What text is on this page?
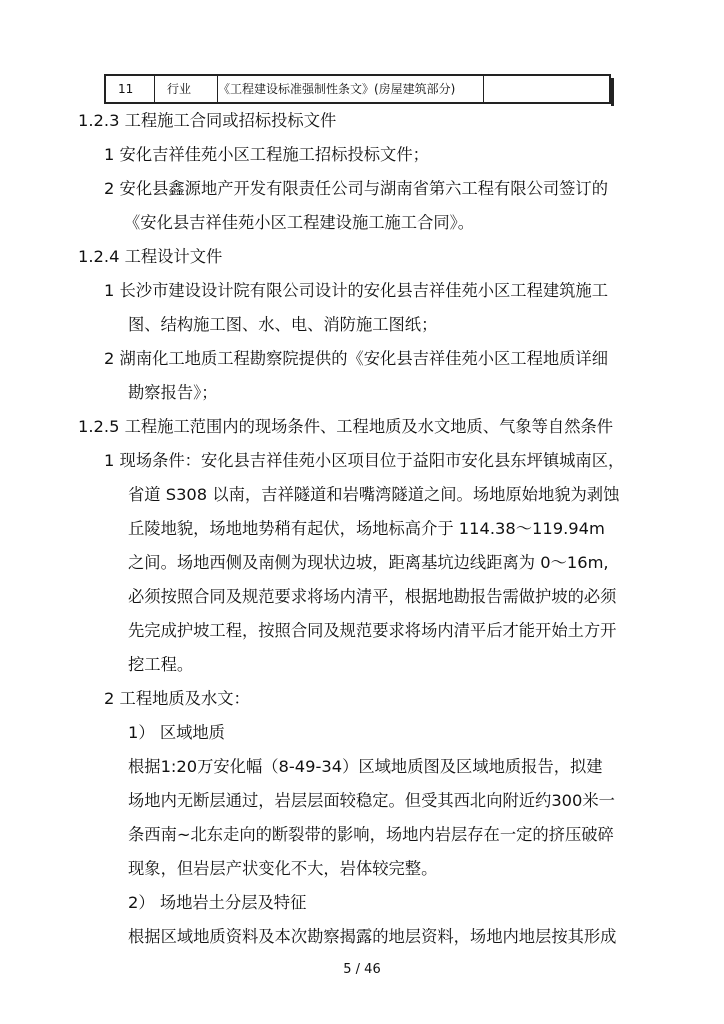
11	行业	《工程建设标准强制性条文》(房屋建筑部分)
1.2.3 工程施工合同或招标投标文件
1 安化吉祥佳苑小区工程施工招标投标文件；
2 安化县鑫源地产开发有限责任公司与湖南省第六工程有限公司签订的
《安化县吉祥佳苑小区工程建设施工施工合同》。
1.2.4 工程设计文件
1 长沙市建设设计院有限公司设计的安化县吉祥佳苑小区工程建筑施工
图、结构施工图、水、电、消防施工图纸；
2 湖南化工地质工程勘察院提供的《安化县吉祥佳苑小区工程地质详细
勘察报告》；
1.2.5 工程施工范围内的现场条件、工程地质及水文地质、气象等自然条件
1 现场条件：安化县吉祥佳苑小区项目位于益阳市安化县东坪镇城南区，
省道 S308 以南，吉祥隧道和岩嘴湾隧道之间。场地原始地貌为剥蚀
丘陵地貌，场地地势稍有起伏，场地标高介于 114.38～119.94m
之间。场地西侧及南侧为现状边坡，距离基坑边线距离为 0～16m,
必须按照合同及规范要求将场内清平，根据地勘报告需做护坡的必须
先完成护坡工程，按照合同及规范要求将场内清平后才能开始土方开
挖工程。
2 工程地质及水文：
1） 区域地质
根据1:20万安化幅（8-49-34）区域地质图及区域地质报告，拟建
场地内无断层通过，岩层层面较稳定。但受其西北向附近约300米一
条西南~北东走向的断裂带的影响，场地内岩层存在一定的挤压破碎
现象，但岩层产状变化不大，岩体较完整。
2） 场地岩土分层及特征
根据区域地质资料及本次勘察揭露的地层资料，场地内地层按其形成
5 / 46
